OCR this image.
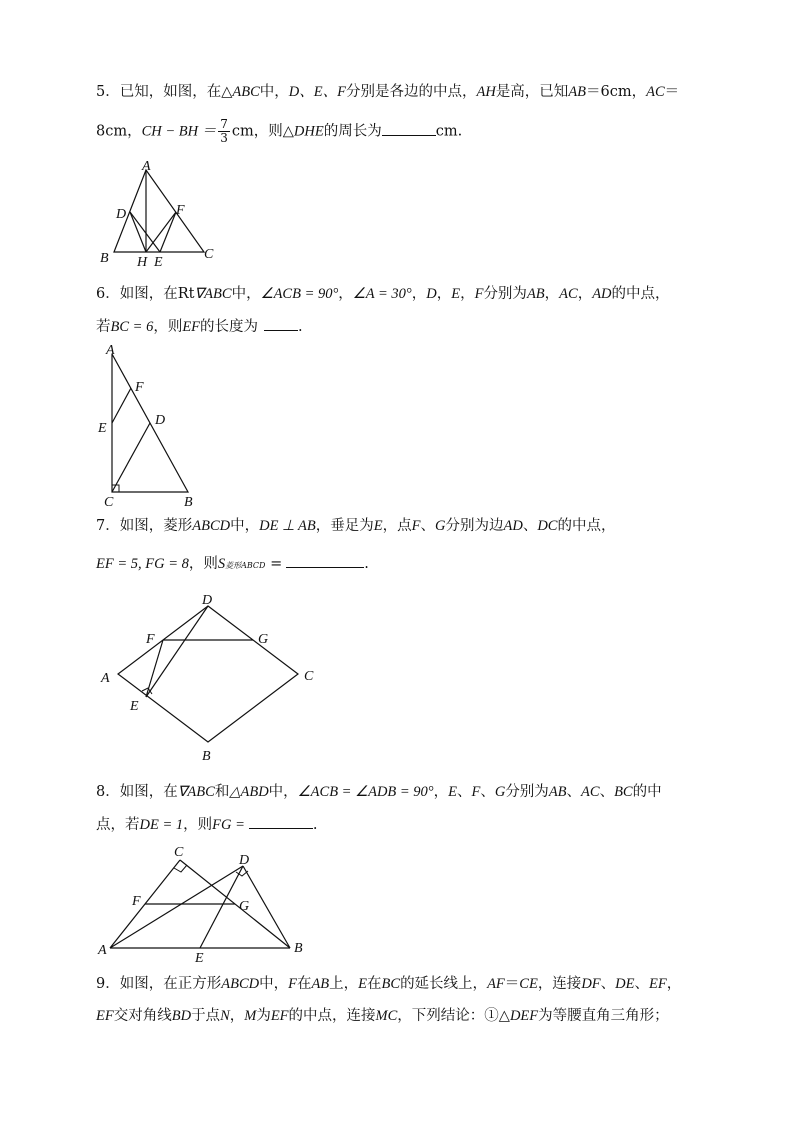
5．已知，如图，在△ABC中，D、E、F分别是各边的中点，AH是高，已知AB＝6cm，AC＝
8cm，CH − BH ＝ $\frac{7}{3}$ cm，则△DHE的周长为	cm.
A
B	C
D
E
F
H
6．如图，在Rt∇ABC中，∠ACB = 90°，∠A = 30°，D，E，F分别为AB，AC，AD的中点，
若BC = 6，则EF的长度为	.
A
C	B
D
E
F
7．如图，菱形ABCD中，DE ⊥ AB，垂足为E，点F、G分别为边AD、DC的中点，
EF = 5, FG = 8，则S菱形ABCD =	.
D
C
B
A
F	G
E
8．如图，在∇ABC和△ABD中，∠ACB = ∠ADB = 90°，E、F、G分别为AB、AC、BC的中
点，若DE = 1，则FG =	.
C
D
A	B
F	G
E
9．如图，在正方形ABCD中，F在AB上，E在BC的延长线上，AF＝CE，连接DF、DE、EF，
EF交对角线BD于点N，M为EF的中点，连接MC，下列结论：①△DEF为等腰直角三角形；
